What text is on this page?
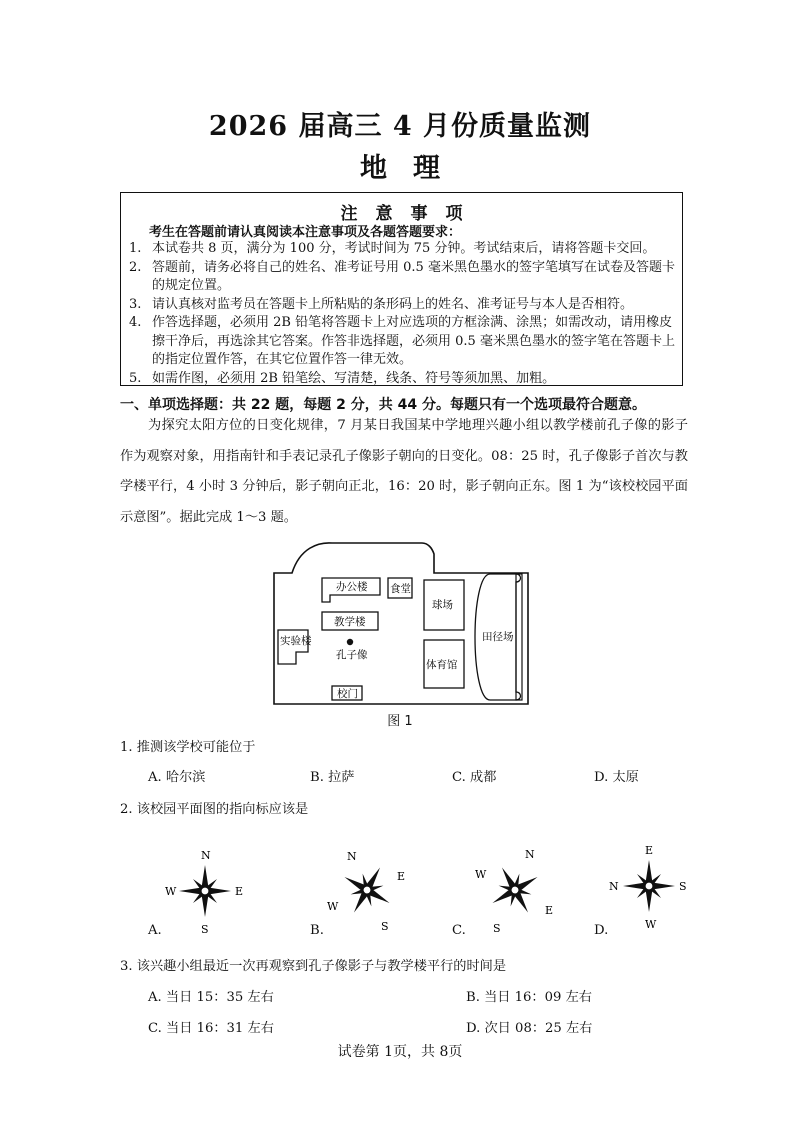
2026 届高三 4 月份质量监测
地理
注意事项
考生在答题前请认真阅读本注意事项及各题答题要求：
1. 本试卷共 8 页，满分为 100 分，考试时间为 75 分钟。考试结束后，请将答题卡交回。
2. 答题前，请务必将自己的姓名、准考证号用 0.5 毫米黑色墨水的签字笔填写在试卷及答题卡的规定位置。
3. 请认真核对监考员在答题卡上所粘贴的条形码上的姓名、准考证号与本人是否相符。
4. 作答选择题，必须用 2B 铅笔将答题卡上对应选项的方框涂满、涂黑；如需改动，请用橡皮擦干净后，再选涂其它答案。作答非选择题，必须用 0.5 毫米黑色墨水的签字笔在答题卡上的指定位置作答，在其它位置作答一律无效。
5. 如需作图，必须用 2B 铅笔绘、写清楚，线条、符号等须加黑、加粗。
一、单项选择题：共 22 题，每题 2 分，共 44 分。每题只有一个选项最符合题意。
为探究太阳方位的日变化规律，7 月某日我国某中学地理兴趣小组以教学楼前孔子像的影子作为观察对象，用指南针和手表记录孔子像影子朝向的日变化。08：25 时，孔子像影子首次与教学楼平行，4 小时 3 分钟后，影子朝向正北，16：20 时，影子朝向正东。图 1 为“该校校园平面示意图”。据此完成 1～3 题。
办公楼 食堂
球场
田径场
教学楼
实验楼
孔子像
体育馆
校门
图 1
1. 推测该学校可能位于
A. 哈尔滨	B. 拉萨	C. 成都	D. 太原
2. 该校园平面图的指向标应该是
N
E
S
W
A.
N
E
S
W
B.
N
E
S
W
C.
E
S
W
N
D.
3. 该兴趣小组最近一次再观察到孔子像影子与教学楼平行的时间是
A. 当日 15：35 左右	B. 当日 16：09 左右
C. 当日 16：31 左右	D. 次日 08：25 左右
试卷第 1页，共 8页
